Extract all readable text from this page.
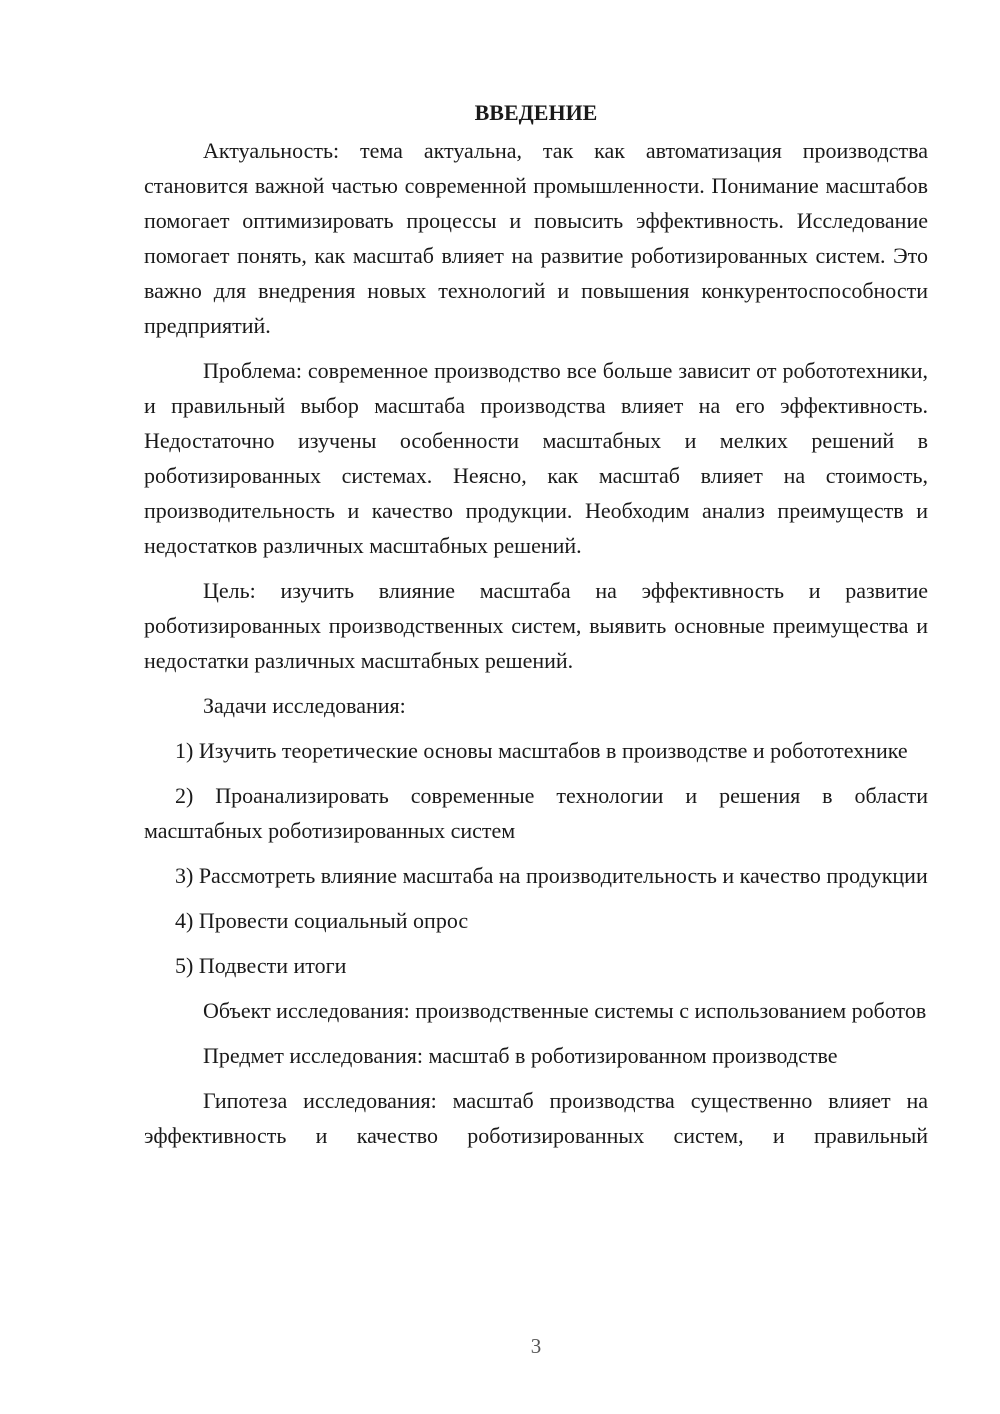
ВВЕДЕНИЕ

Актуальность: тема актуальна, так как автоматизация производства становится важной частью современной промышленности. Понимание масштабов помогает оптимизировать процессы и повысить эффективность. Исследование помогает понять, как масштаб влияет на развитие роботизированных систем. Это важно для внедрения новых технологий и повышения конкурентоспособности предприятий.

Проблема: современное производство все больше зависит от робототехники, и правильный выбор масштаба производства влияет на его эффективность. Недостаточно изучены особенности масштабных и мелких решений в роботизированных системах. Неясно, как масштаб влияет на стоимость, производительность и качество продукции. Необходим анализ преимуществ и недостатков различных масштабных решений.

Цель: изучить влияние масштаба на эффективность и развитие роботизированных производственных систем, выявить основные преимущества и недостатки различных масштабных решений.

Задачи исследования:

1) Изучить теоретические основы масштабов в производстве и робототехнике

2) Проанализировать современные технологии и решения в области масштабных роботизированных систем

3) Рассмотреть влияние масштаба на производительность и качество продукции

4) Провести социальный опрос

5) Подвести итоги

Объект исследования: производственные системы с использованием роботов

Предмет исследования: масштаб в роботизированном производстве

Гипотеза исследования: масштаб производства существенно влияет на эффективность и качество роботизированных систем, и правильный

3
